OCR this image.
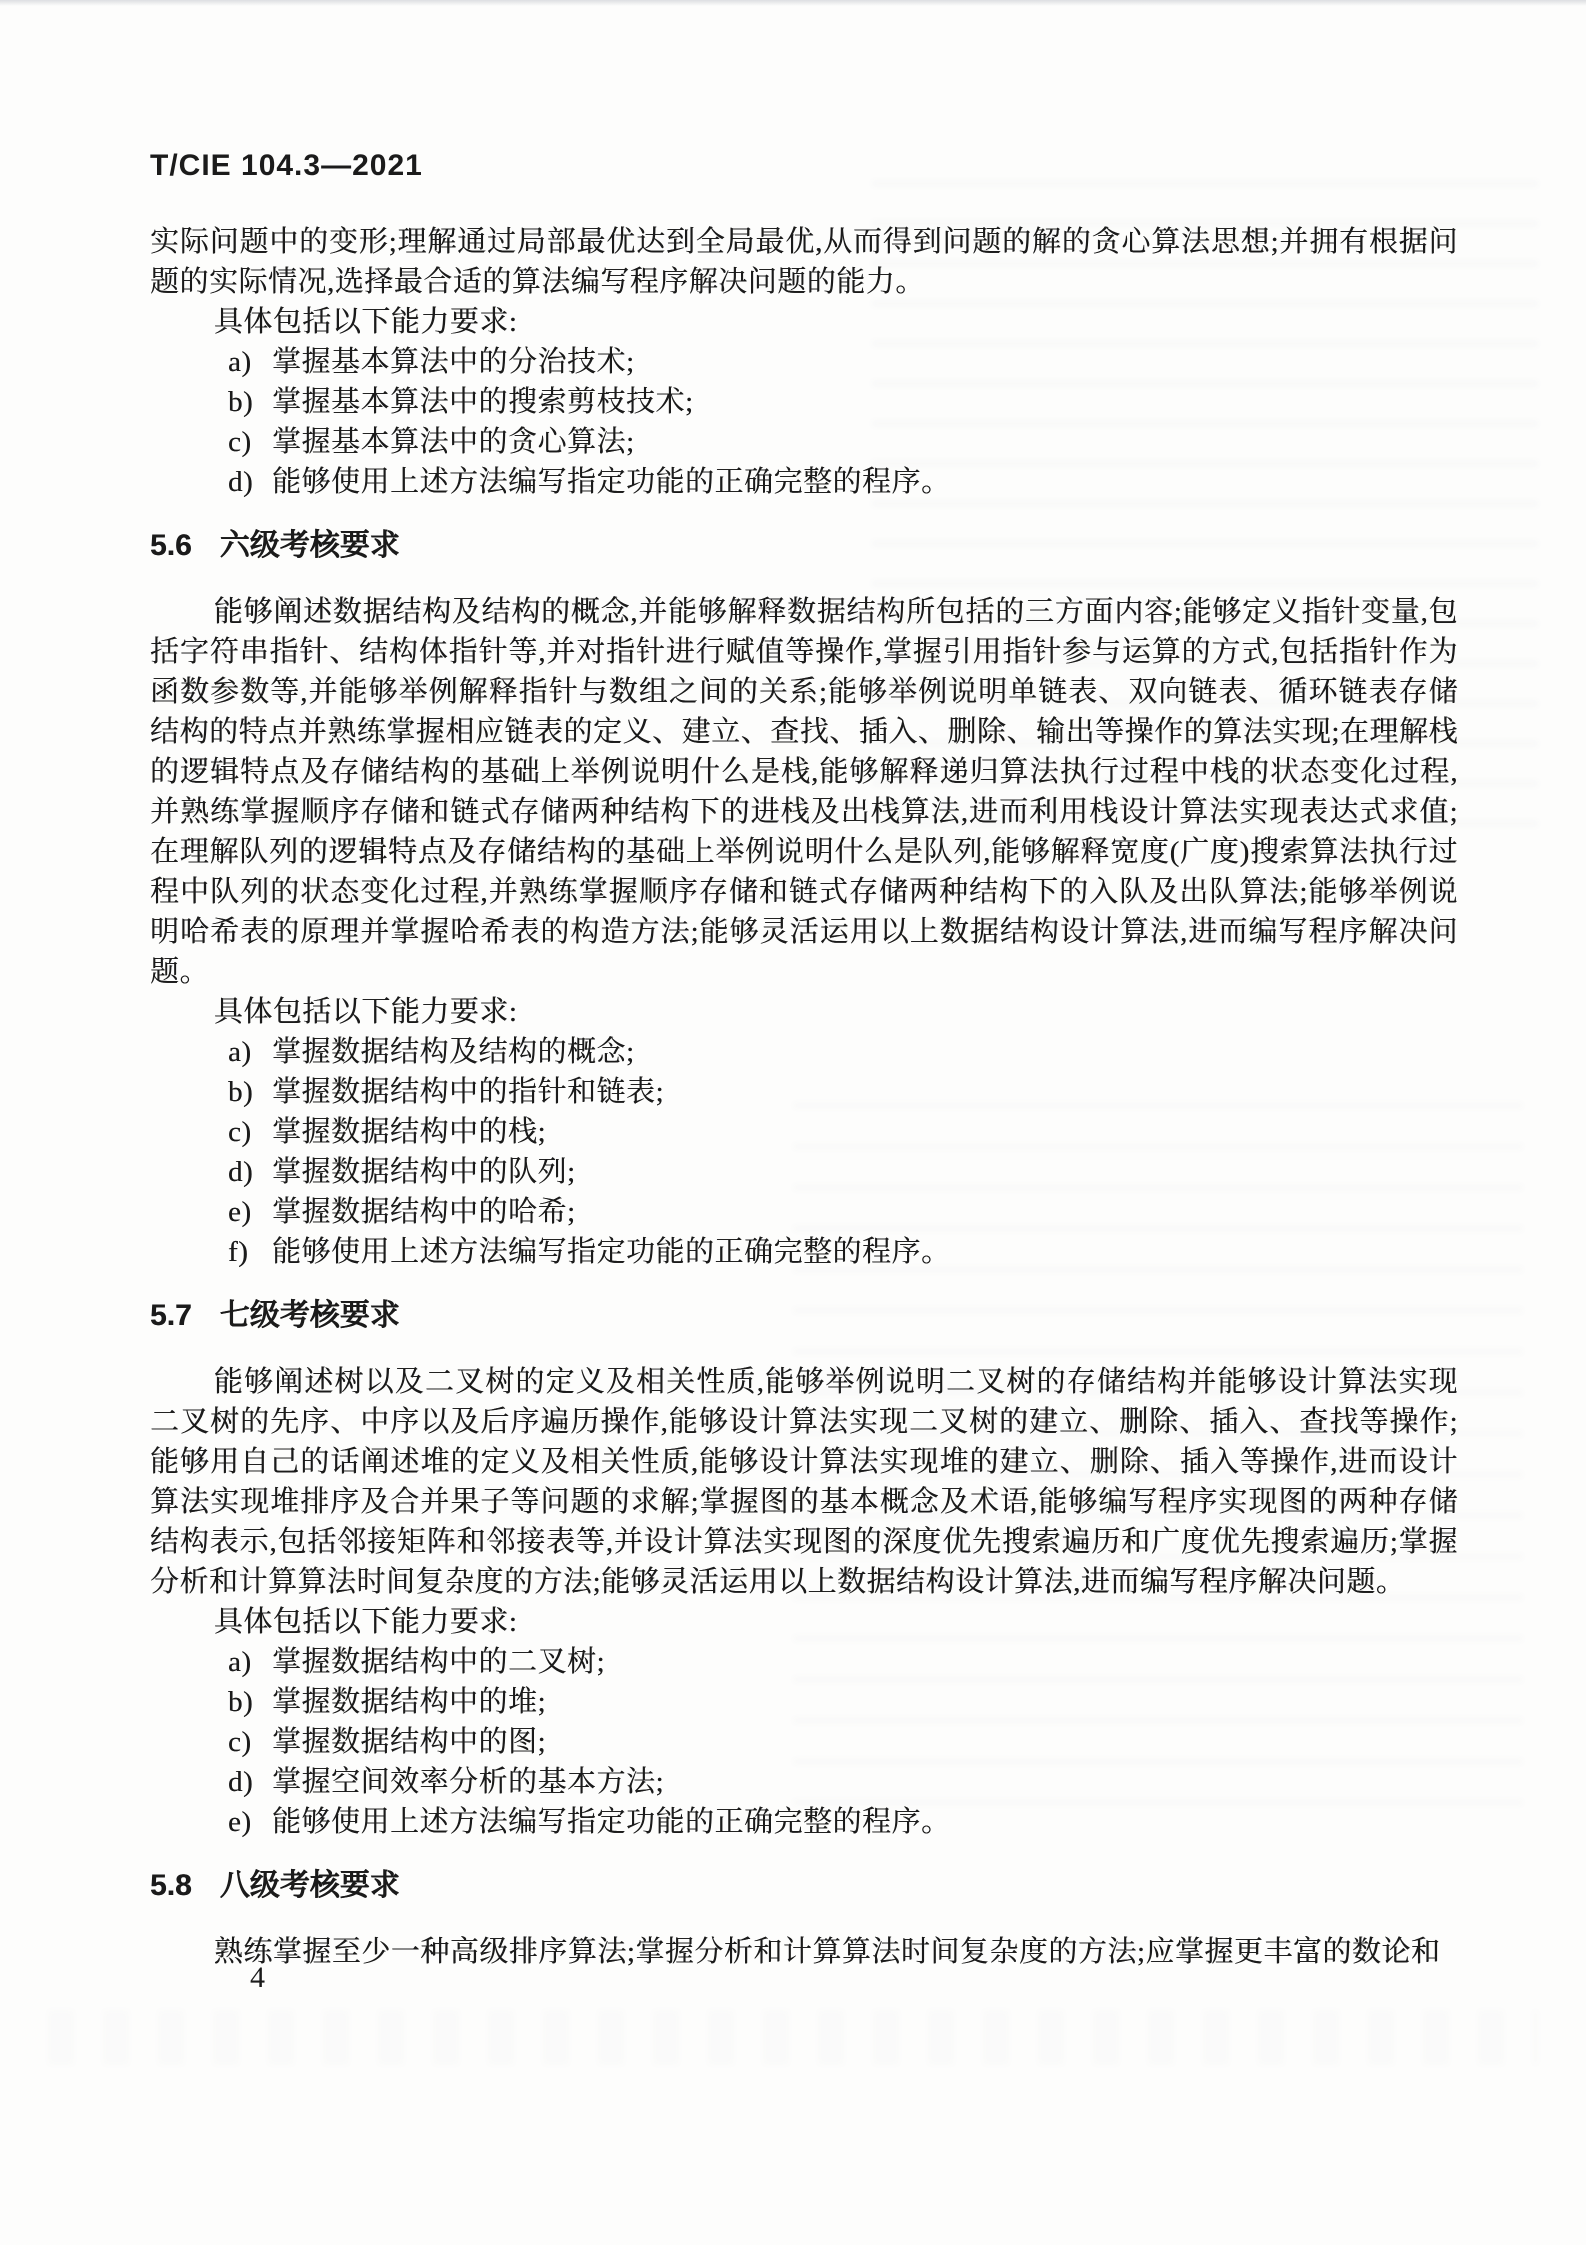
T/CIE 104.3—2021

实际问题中的变形;理解通过局部最优达到全局最优,从而得到问题的解的贪心算法思想;并拥有根据问题的实际情况,选择最合适的算法编写程序解决问题的能力。

具体包括以下能力要求:

a) 掌握基本算法中的分治技术;
b) 掌握基本算法中的搜索剪枝技术;
c) 掌握基本算法中的贪心算法;
d) 能够使用上述方法编写指定功能的正确完整的程序。
5.6 六级考核要求

能够阐述数据结构及结构的概念,并能够解释数据结构所包括的三方面内容;能够定义指针变量,包括字符串指针、结构体指针等,并对指针进行赋值等操作,掌握引用指针参与运算的方式,包括指针作为函数参数等,并能够举例解释指针与数组之间的关系;能够举例说明单链表、双向链表、循环链表存储结构的特点并熟练掌握相应链表的定义、建立、查找、插入、删除、输出等操作的算法实现;在理解栈的逻辑特点及存储结构的基础上举例说明什么是栈,能够解释递归算法执行过程中栈的状态变化过程,并熟练掌握顺序存储和链式存储两种结构下的进栈及出栈算法,进而利用栈设计算法实现表达式求值;在理解队列的逻辑特点及存储结构的基础上举例说明什么是队列,能够解释宽度(广度)搜索算法执行过程中队列的状态变化过程,并熟练掌握顺序存储和链式存储两种结构下的入队及出队算法;能够举例说明哈希表的原理并掌握哈希表的构造方法;能够灵活运用以上数据结构设计算法,进而编写程序解决问题。

具体包括以下能力要求:

a) 掌握数据结构及结构的概念;
b) 掌握数据结构中的指针和链表;
c) 掌握数据结构中的栈;
d) 掌握数据结构中的队列;
e) 掌握数据结构中的哈希;
f) 能够使用上述方法编写指定功能的正确完整的程序。
5.7 七级考核要求

能够阐述树以及二叉树的定义及相关性质,能够举例说明二叉树的存储结构并能够设计算法实现二叉树的先序、中序以及后序遍历操作,能够设计算法实现二叉树的建立、删除、插入、查找等操作;能够用自己的话阐述堆的定义及相关性质,能够设计算法实现堆的建立、删除、插入等操作,进而设计算法实现堆排序及合并果子等问题的求解;掌握图的基本概念及术语,能够编写程序实现图的两种存储结构表示,包括邻接矩阵和邻接表等,并设计算法实现图的深度优先搜索遍历和广度优先搜索遍历;掌握分析和计算算法时间复杂度的方法;能够灵活运用以上数据结构设计算法,进而编写程序解决问题。

具体包括以下能力要求:

a) 掌握数据结构中的二叉树;
b) 掌握数据结构中的堆;
c) 掌握数据结构中的图;
d) 掌握空间效率分析的基本方法;
e) 能够使用上述方法编写指定功能的正确完整的程序。
5.8 八级考核要求

熟练掌握至少一种高级排序算法;掌握分析和计算算法时间复杂度的方法;应掌握更丰富的数论和

4
